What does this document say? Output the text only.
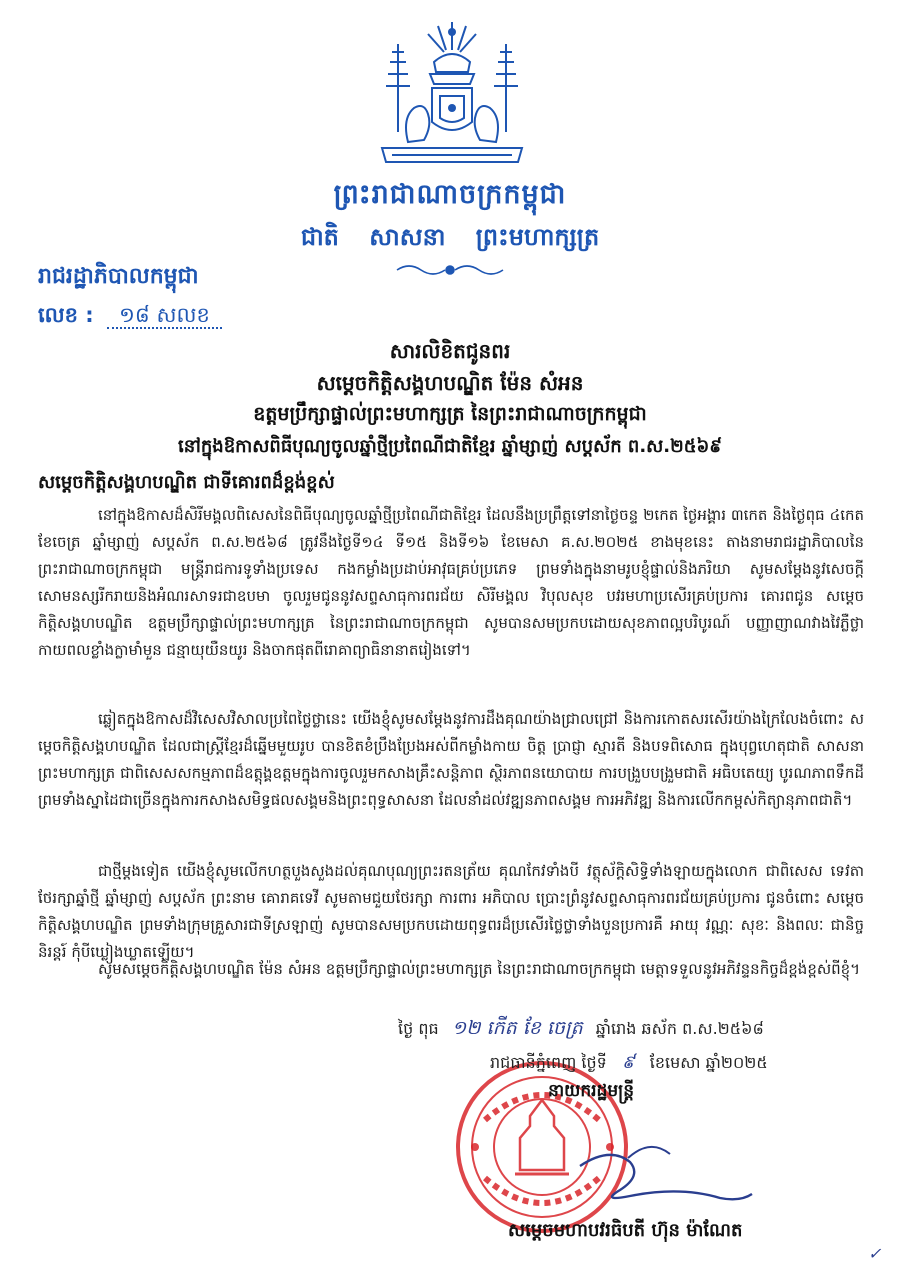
ព្រះរាជាណាចក្រកម្ពុជា
ជាតិ សាសនា ព្រះមហាក្សត្រ
រាជរដ្ឋាភិបាលកម្ពុជា
លេខ : ១៨ សលខ
សារលិខិតជូនពរ
សម្តេចកិត្តិសង្គហបណ្ឌិត ម៉ែន សំអន
ឧត្តមប្រឹក្សាផ្ទាល់ព្រះមហាក្សត្រ នៃព្រះរាជាណាចក្រកម្ពុជា
នៅក្នុងឱកាសពិធីបុណ្យចូលឆ្នាំថ្មីប្រពៃណីជាតិខ្មែរ ឆ្នាំម្សាញ់ សប្តស័ក ព.ស.២៥៦៩
សម្តេចកិត្តិសង្គហបណ្ឌិត ជាទីគោរពដ៏ខ្ពង់ខ្ពស់
នៅក្នុងឱកាសដ៏សិរីមង្គលពិសេសនៃពិធីបុណ្យចូលឆ្នាំថ្មីប្រពៃណីជាតិខ្មែរ ដែលនឹងប្រព្រឹត្តទៅនាថ្ងៃចន្ទ ២កេត ថ្ងៃអង្គារ ៣កេត និងថ្ងៃពុធ ៤កេត ខែចេត្រ ឆ្នាំម្សាញ់ សប្តស័ក ព.ស.២៥៦៨ ត្រូវនឹងថ្ងៃទី១៤ ទី១៥ និងទី១៦ ខែមេសា គ.ស.២០២៥ ខាងមុខនេះ តាងនាមរាជរដ្ឋាភិបាលនៃព្រះរាជាណាចក្រកម្ពុជា មន្ត្រីរាជការទូទាំងប្រទេស កងកម្លាំងប្រដាប់អាវុធគ្រប់ប្រភេទ ព្រមទាំងក្នុងនាមរូបខ្ញុំផ្ទាល់និងភរិយា សូមសម្តែងនូវសេចក្តីសោមនស្សរីករាយនិងអំណរសាទរជាឧបមា ចូលរួមជូននូវសព្ទសាធុការពរជ័យ សិរីមង្គល វិបុលសុខ បវរមហាប្រសើរគ្រប់ប្រការ គោរពជូន សម្តេចកិត្តិសង្គហបណ្ឌិត ឧត្តមប្រឹក្សាផ្ទាល់ព្រះមហាក្សត្រ នៃព្រះរាជាណាចក្រកម្ពុជា សូមបានសមប្រកបដោយសុខភាពល្អបរិបូរណ៍ បញ្ញាញាណវាងវៃភ្លឺថ្លា កាយពលខ្លាំងក្លាមាំមួន ជន្មាយុយឺនយូរ និងចាកផុតពីរោគាព្យាធិនានាតរៀងទៅ។
ឆ្លៀតក្នុងឱកាសដ៏វិសេសវិសាលប្រពៃថ្លៃថ្លានេះ យើងខ្ញុំសូមសម្តែងនូវការដឹងគុណយ៉ាងជ្រាលជ្រៅ និងការកោតសរសើរយ៉ាងក្រៃលែងចំពោះ សម្តេចកិត្តិសង្គហបណ្ឌិត ដែលជាស្ត្រីខ្មែរដ៏ឆ្នើមមួយរូប បានខិតខំប្រឹងប្រែងអស់ពីកម្លាំងកាយ ចិត្ត ប្រាជ្ញា ស្មារតី និងបទពិសោធ ក្នុងបុព្វហេតុជាតិ សាសនា ព្រះមហាក្សត្រ ជាពិសេសសកម្មភាពដ៏ឧត្តុង្គឧត្តមក្នុងការចូលរួមកសាងគ្រឹះសន្តិភាព ស្ថិរភាពនយោបាយ ការបង្រួបបង្រួមជាតិ អធិបតេយ្យ បូរណភាពទឹកដី ព្រមទាំងស្នាដៃជាច្រើនក្នុងការកសាងសមិទ្ធផលសង្គមនិងព្រះពុទ្ធសាសនា ដែលនាំដល់វឌ្ឍនភាពសង្គម ការអភិវឌ្ឍ និងការលើកកម្ពស់កិត្យានុភាពជាតិ។
ជាថ្មីម្តងទៀត យើងខ្ញុំសូមលើកហត្ថបួងសួងដល់គុណបុណ្យព្រះរតនត្រ័យ គុណកែវទាំងបី វត្ថុស័ក្តិសិទ្ធិទាំងឡាយក្នុងលោក ជាពិសេស ទេវតាថែរក្សាឆ្នាំថ្មី ឆ្នាំម្សាញ់ សប្តស័ក ព្រះនាម គោរាគទេវី សូមតាមជួយថែរក្សា ការពារ អភិបាល ប្រោះព្រំនូវសព្ទសាធុការពរជ័យគ្រប់ប្រការ ជូនចំពោះ សម្តេចកិត្តិសង្គហបណ្ឌិត ព្រមទាំងក្រុមគ្រួសារជាទីស្រឡាញ់ សូមបានសមប្រកបដោយពុទ្ធពរដ៏ប្រសើរថ្លៃថ្លាទាំងបួនប្រការគឺ អាយុ វណ្ណៈ សុខៈ និងពលៈ ជានិច្ចនិរន្តរ៍ កុំបីឃ្លៀងឃ្លាតឡើយ។
សូមសម្តេចកិត្តិសង្គហបណ្ឌិត ម៉ែន សំអន ឧត្តមប្រឹក្សាផ្ទាល់ព្រះមហាក្សត្រ នៃព្រះរាជាណាចក្រកម្ពុជា មេត្តាទទួលនូវអភិវន្ទនកិច្ចដ៏ខ្ពង់ខ្ពស់ពីខ្ញុំ។
ថ្ងៃ ពុធ ១២ កើត ខែ ចេត្រ ឆ្នាំរោង ឆស័ក ព.ស.២៥៦៨
រាជធានីភ្នំពេញ ថ្ងៃទី ៩ ខែមេសា ឆ្នាំ២០២៥
នាយករដ្ឋមន្ត្រី
សម្តេចមហាបវរធិបតី ហ៊ុន ម៉ាណែត
✓
